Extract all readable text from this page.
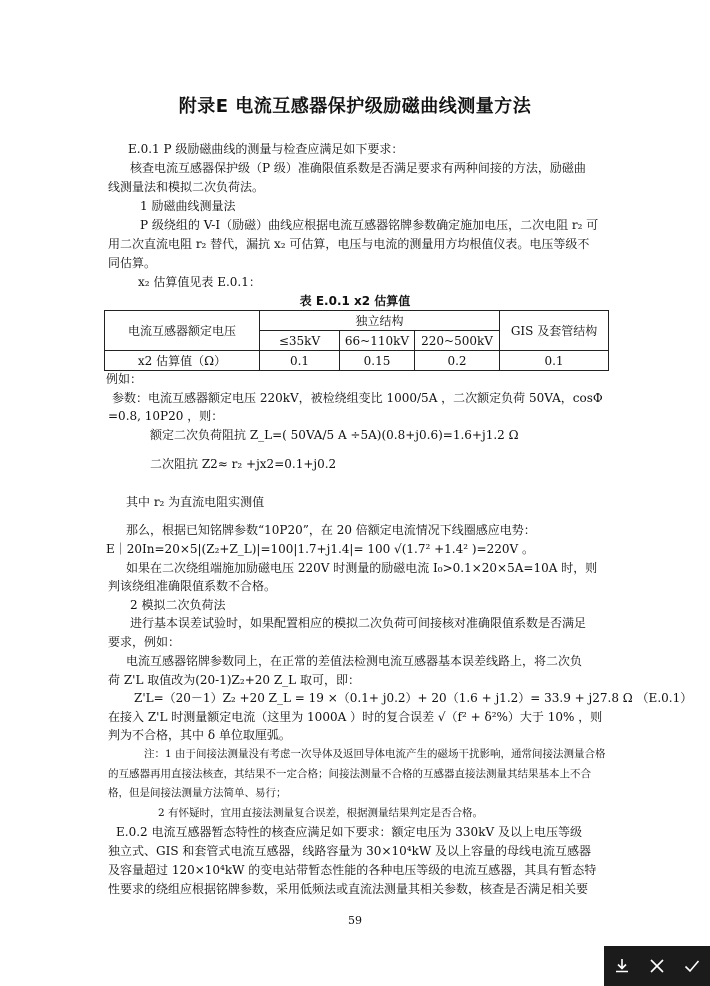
附录E 电流互感器保护级励磁曲线测量方法
E.0.1 P 级励磁曲线的测量与检查应满足如下要求：
核查电流互感器保护级（P 级）准确限值系数是否满足要求有两种间接的方法，励磁曲
线测量法和模拟二次负荷法。
1 励磁曲线测量法
P 级绕组的 V-I（励磁）曲线应根据电流互感器铭牌参数确定施加电压，二次电阻 r₂ 可
用二次直流电阻 r₂ 替代，漏抗 x₂ 可估算，电压与电流的测量用方均根值仪表。电压等级不
同估算。
x₂ 估算值见表 E.0.1：
表 E.0.1 x2 估算值
电流互感器额定电压	独立结构			GIS 及套管结构
	≤35kV	66~110kV	220~500kV	
x2 估算值（Ω）	0.1	0.15	0.2	0.1
例如：
参数：电流互感器额定电压 220kV，被检绕组变比 1000/5A ，二次额定负荷 50VA，cosΦ
=0.8, 10P20 ，则：
额定二次负荷阻抗 Z_L=( 50VA/5 A ÷5A)(0.8+j0.6)=1.6+j1.2 Ω
二次阻抗 Z2≈ r₂ +jx2=0.1+j0.2
其中 r₂ 为直流电阻实测值
那么，根据已知铭牌参数“10P20”，在 20 倍额定电流情况下线圈感应电势：
E｜20In=20×5|(Z₂+Z_L)|=100|1.7+j1.4|= 100 √(1.7² +1.4² )=220V 。
如果在二次绕组端施加励磁电压 220V 时测量的励磁电流 I₀>0.1×20×5A=10A 时，则
判该绕组准确限值系数不合格。
2 模拟二次负荷法
进行基本误差试验时，如果配置相应的模拟二次负荷可间接核对准确限值系数是否满足
要求，例如：
电流互感器铭牌参数同上，在正常的差值法检测电流互感器基本误差线路上，将二次负
荷 Z'L 取值改为(20-1)Z₂+20 Z_L 取可，即：
Z'L=（20－1）Z₂ +20 Z_L = 19 ×（0.1+ j0.2）+ 20（1.6 + j1.2）= 33.9 + j27.8 Ω （E.0.1）
在接入 Z'L 时测量额定电流（这里为 1000A ）时的复合误差 √（f² + δ²%）大于 10% ，则
判为不合格，其中 δ 单位取厘弧。
注：1 由于间接法测量没有考虑一次导体及返回导体电流产生的磁场干扰影响，通常间接法测量合格
的互感器再用直接法核查，其结果不一定合格；间接法测量不合格的互感器直接法测量其结果基本上不合
格，但是间接法测量方法简单、易行；
2 有怀疑时，宜用直接法测量复合误差，根据测量结果判定是否合格。
E.0.2 电流互感器暂态特性的核查应满足如下要求：额定电压为 330kV 及以上电压等级
独立式、GIS 和套管式电流互感器，线路容量为 30×10⁴kW 及以上容量的母线电流互感器
及容量超过 120×10⁴kW 的变电站带暂态性能的各种电压等级的电流互感器，其具有暂态特
性要求的绕组应根据铭牌参数，采用低频法或直流法测量其相关参数，核查是否满足相关要
59
